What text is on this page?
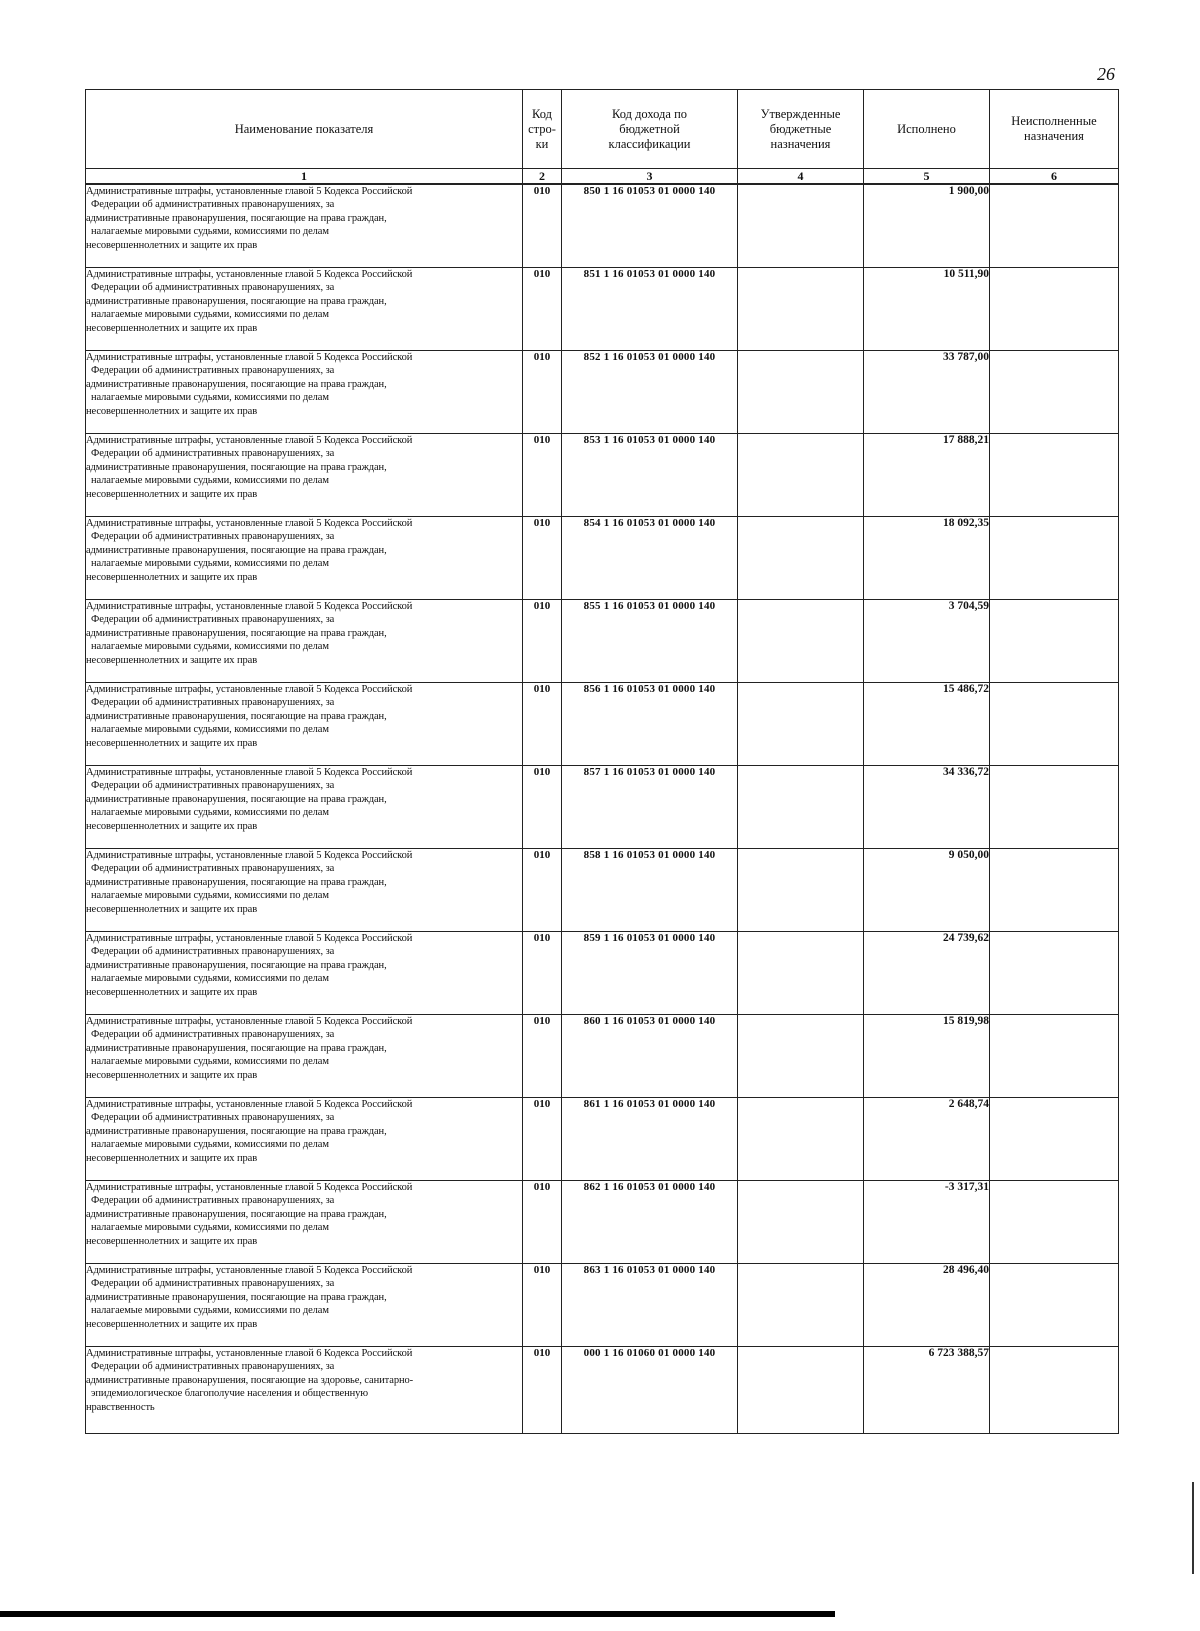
26
Наименование показателя	Код
стро-
ки	Код дохода по
бюджетной
классификации	Утвержденные
бюджетные
назначения	Исполнено	Неисполненные
назначения
1	2	3	4	5	6

Административные штрафы, установленные главой 5 Кодекса Российской
Федерации об административных правонарушениях, за
административные правонарушения, посягающие на права граждан,
налагаемые мировыми судьями, комиссиями по делам
несовершеннолетних и защите их прав	010	850 1 16 01053 01 0000 140		1 900,00	

Административные штрафы, установленные главой 5 Кодекса Российской
Федерации об административных правонарушениях, за
административные правонарушения, посягающие на права граждан,
налагаемые мировыми судьями, комиссиями по делам
несовершеннолетних и защите их прав	010	851 1 16 01053 01 0000 140		10 511,90	

Административные штрафы, установленные главой 5 Кодекса Российской
Федерации об административных правонарушениях, за
административные правонарушения, посягающие на права граждан,
налагаемые мировыми судьями, комиссиями по делам
несовершеннолетних и защите их прав	010	852 1 16 01053 01 0000 140		33 787,00	

Административные штрафы, установленные главой 5 Кодекса Российской
Федерации об административных правонарушениях, за
административные правонарушения, посягающие на права граждан,
налагаемые мировыми судьями, комиссиями по делам
несовершеннолетних и защите их прав	010	853 1 16 01053 01 0000 140		17 888,21	

Административные штрафы, установленные главой 5 Кодекса Российской
Федерации об административных правонарушениях, за
административные правонарушения, посягающие на права граждан,
налагаемые мировыми судьями, комиссиями по делам
несовершеннолетних и защите их прав	010	854 1 16 01053 01 0000 140		18 092,35	

Административные штрафы, установленные главой 5 Кодекса Российской
Федерации об административных правонарушениях, за
административные правонарушения, посягающие на права граждан,
налагаемые мировыми судьями, комиссиями по делам
несовершеннолетних и защите их прав	010	855 1 16 01053 01 0000 140		3 704,59	

Административные штрафы, установленные главой 5 Кодекса Российской
Федерации об административных правонарушениях, за
административные правонарушения, посягающие на права граждан,
налагаемые мировыми судьями, комиссиями по делам
несовершеннолетних и защите их прав	010	856 1 16 01053 01 0000 140		15 486,72	

Административные штрафы, установленные главой 5 Кодекса Российской
Федерации об административных правонарушениях, за
административные правонарушения, посягающие на права граждан,
налагаемые мировыми судьями, комиссиями по делам
несовершеннолетних и защите их прав	010	857 1 16 01053 01 0000 140		34 336,72	

Административные штрафы, установленные главой 5 Кодекса Российской
Федерации об административных правонарушениях, за
административные правонарушения, посягающие на права граждан,
налагаемые мировыми судьями, комиссиями по делам
несовершеннолетних и защите их прав	010	858 1 16 01053 01 0000 140		9 050,00	

Административные штрафы, установленные главой 5 Кодекса Российской
Федерации об административных правонарушениях, за
административные правонарушения, посягающие на права граждан,
налагаемые мировыми судьями, комиссиями по делам
несовершеннолетних и защите их прав	010	859 1 16 01053 01 0000 140		24 739,62	

Административные штрафы, установленные главой 5 Кодекса Российской
Федерации об административных правонарушениях, за
административные правонарушения, посягающие на права граждан,
налагаемые мировыми судьями, комиссиями по делам
несовершеннолетних и защите их прав	010	860 1 16 01053 01 0000 140		15 819,98	

Административные штрафы, установленные главой 5 Кодекса Российской
Федерации об административных правонарушениях, за
административные правонарушения, посягающие на права граждан,
налагаемые мировыми судьями, комиссиями по делам
несовершеннолетних и защите их прав	010	861 1 16 01053 01 0000 140		2 648,74	

Административные штрафы, установленные главой 5 Кодекса Российской
Федерации об административных правонарушениях, за
административные правонарушения, посягающие на права граждан,
налагаемые мировыми судьями, комиссиями по делам
несовершеннолетних и защите их прав	010	862 1 16 01053 01 0000 140		-3 317,31	

Административные штрафы, установленные главой 5 Кодекса Российской
Федерации об административных правонарушениях, за
административные правонарушения, посягающие на права граждан,
налагаемые мировыми судьями, комиссиями по делам
несовершеннолетних и защите их прав	010	863 1 16 01053 01 0000 140		28 496,40	

Административные штрафы, установленные главой 6 Кодекса Российской
Федерации об административных правонарушениях, за
административные правонарушения, посягающие на здоровье, санитарно-
эпидемиологическое благополучие населения и общественную
нравственность	010	000 1 16 01060 01 0000 140		6 723 388,57	
